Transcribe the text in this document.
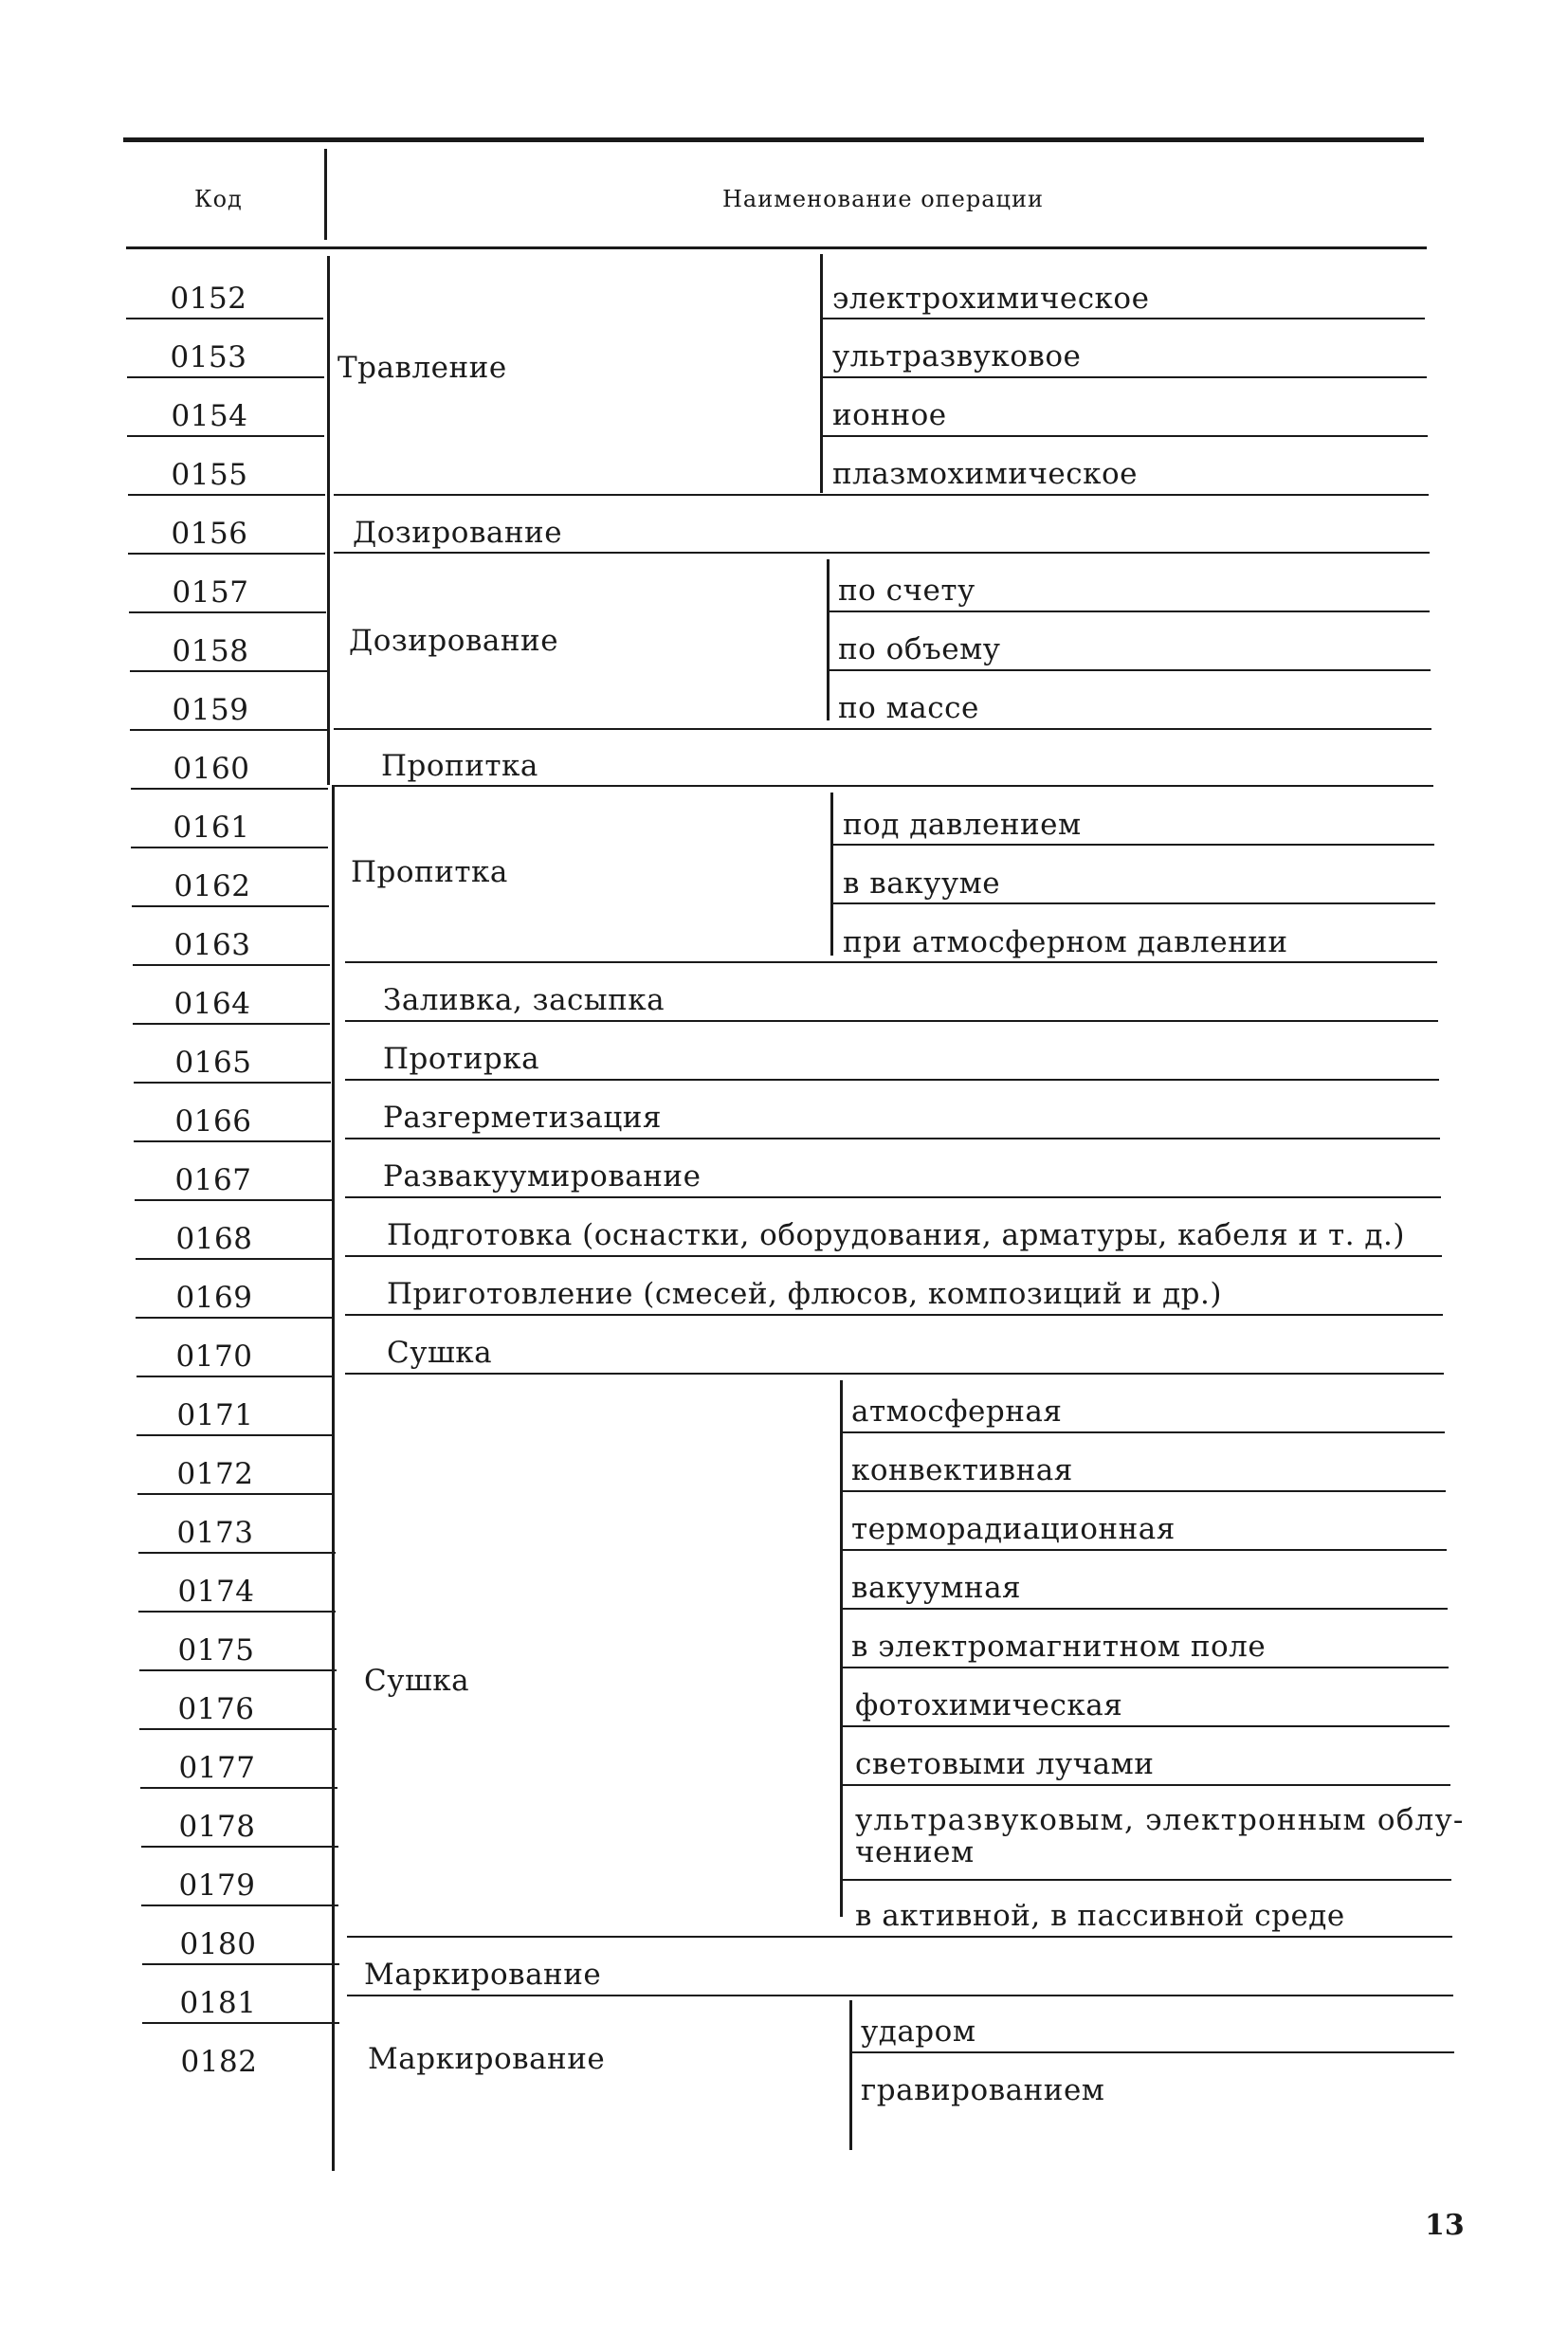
Код	Наименование операции
0152
0153
0154
0155
0156
0157
0158
0159
0160
0161
0162
0163
0164
0165
0166
0167
0168
0169
0170
0171
0172
0173
0174
0175
0176
0177
0178
0179
0180
0181
0182
Травление
электрохимическое
ультразвуковое
ионное
плазмохимическое
Дозирование
Дозирование
по счету
по объему
по массе
Пропитка
Пропитка
под давлением
в вакууме
при атмосферном давлении
Заливка, засыпка
Протирка
Разгерметизация
Развакуумирование
Подготовка (оснастки, оборудования, арматуры, кабеля и т. д.)
Приготовление (смесей, флюсов, композиций и др.)
Сушка
Сушка
атмосферная
конвективная
терморадиационная
вакуумная
в электромагнитном поле
фотохимическая
световыми лучами
ультразвуковым, электронным облу-
чением
в активной, в пассивной среде
Маркирование
Маркирование
ударом
гравированием
13
